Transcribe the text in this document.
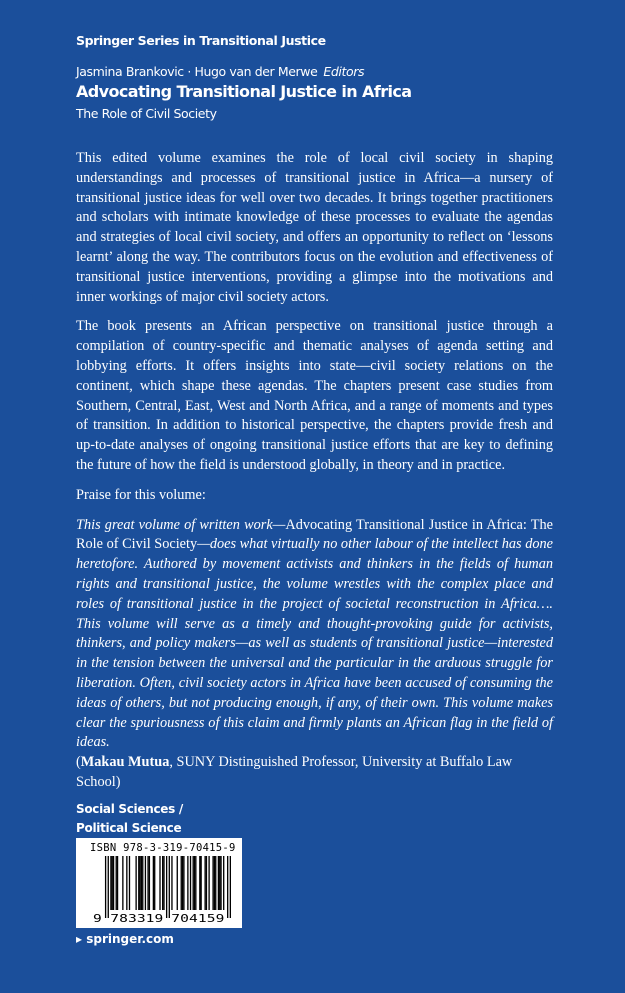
Springer Series in Transitional Justice
Jasmina Brankovic · Hugo van der Merwe Editors
Advocating Transitional Justice in Africa
The Role of Civil Society

This edited volume examines the role of local civil society in shaping understandings and processes of transitional justice in Africa—a nursery of transitional justice ideas for well over two decades. It brings together practitioners and scholars with intimate knowledge of these processes to evaluate the agendas and strategies of local civil society, and offers an opportunity to reflect on ‘lessons learnt’ along the way. The contributors focus on the evolution and effectiveness of transitional justice interventions, providing a glimpse into the motivations and inner workings of major civil society actors.

The book presents an African perspective on transitional justice through a compilation of country-specific and thematic analyses of agenda setting and lobbying efforts. It offers insights into state—civil society relations on the continent, which shape these agendas. The chapters present case studies from Southern, Central, East, West and North Africa, and a range of moments and types of transition. In addition to historical perspective, the chapters provide fresh and up-to-date analyses of ongoing transitional justice efforts that are key to defining the future of how the field is understood globally, in theory and in practice.

Praise for this volume:

This great volume of written work—Advocating Transitional Justice in Africa: The Role of Civil Society—does what virtually no other labour of the intellect has done heretofore. Authored by movement activists and thinkers in the fields of human rights and transitional justice, the volume wrestles with the complex place and roles of transitional justice in the project of societal reconstruction in Africa…. This volume will serve as a timely and thought-provoking guide for activists, thinkers, and policy makers—as well as students of transitional justice—interested in the tension between the universal and the particular in the arduous struggle for liberation. Often, civil society actors in Africa have been accused of consuming the ideas of others, but not producing enough, if any, of their own. This volume makes clear the spuriousness of this claim and firmly plants an African flag in the field of ideas.

(Makau Mutua, SUNY Distinguished Professor, University at Buffalo Law School)

Social Sciences / Political Science
ISBN 978-3-319-70415-9
9 783319 704159
▸ springer.com
